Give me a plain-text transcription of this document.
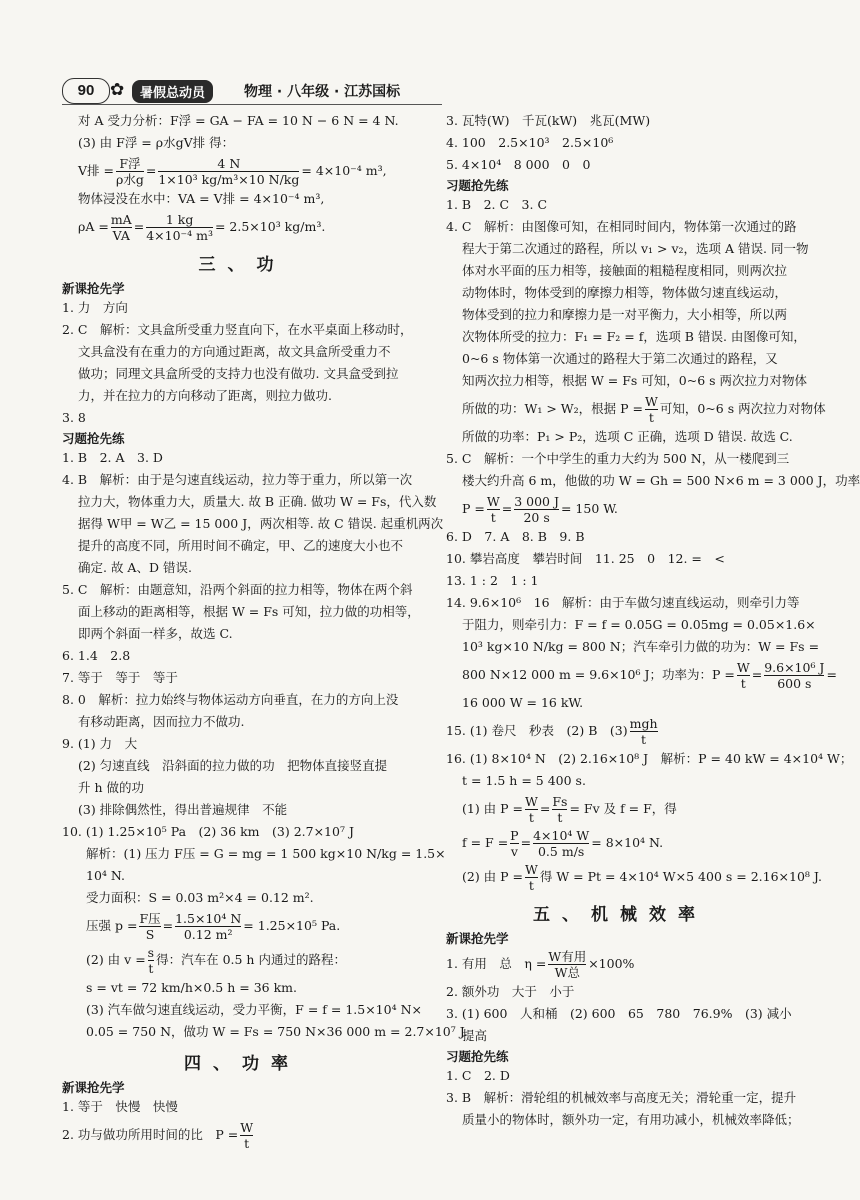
90 ✿	暑假总动员	物理 · 八年级 · 江苏国标
对 A 受力分析：F浮 = GA − FA = 10 N − 6 N = 4 N.
(3) 由 F浮 = ρ水gV排 得：
V排 = $\frac{\text{F浮}}{\text{ρ水g}} = \frac{4 N}{\text{1×10³ kg/m³×10 N/kg}} = 4\times 10^{-4}$ m³,
物体浸没在水中：VA = V排 = 4×10⁻⁴ m³,
$\rho A = \frac{mA}{VA} = \frac{1 kg}{\text{4×10⁻⁴ m³}} = 2.5\times 10^3$ kg/m³.
三、功
新课抢先学
1. 力　方向
2. C　解析：文具盒所受重力竖直向下，在水平桌面上移动时，
文具盒没有在重力的方向通过距离，故文具盒所受重力不
做功；同理文具盒所受的支持力也没有做功. 文具盒受到拉
力，并在拉力的方向移动了距离，则拉力做功.
3. 8
习题抢先练
1. B　2. A　3. D
4. B　解析：由于是匀速直线运动，拉力等于重力，所以第一次
拉力大，物体重力大，质量大. 故 B 正确. 做功 W = Fs，代入数
据得 W甲 = W乙 = 15 000 J，两次相等. 故 C 错误. 起重机两次
提升的高度不同，所用时间不确定，甲、乙的速度大小也不
确定. 故 A、D 错误.
5. C　解析：由题意知，沿两个斜面的拉力相等，物体在两个斜
面上移动的距离相等，根据 W = Fs 可知，拉力做的功相等，
即两个斜面一样多，故选 C.
6. 1.4　2.8
7. 等于　等于　等于
8. 0　解析：拉力始终与物体运动方向垂直，在力的方向上没
有移动距离，因而拉力不做功.
9. (1) 力　大
(2) 匀速直线　沿斜面的拉力做的功　把物体直接竖直提
升 h 做的功
(3) 排除偶然性，得出普遍规律　不能
10. (1) 1.25×10⁵ Pa　(2) 36 km　(3) 2.7×10⁷ J
解析：(1) 压力 F压 = G = mg = 1 500 kg×10 N/kg = 1.5×
10⁴ N.
受力面积：S = 0.03 m²×4 = 0.12 m².
压强 $p = \frac{\text{F压}}{S} = \frac{\text{1.5×10⁴ N}}{\text{0.12 m²}} = 1.25\times 10^5$ Pa.
(2) 由 $v = \frac{s}{t}$ 得：汽车在 0.5 h 内通过的路程：
s = vt = 72 km/h×0.5 h = 36 km.
(3) 汽车做匀速直线运动，受力平衡，F = f = 1.5×10⁴ N×
0.05 = 750 N，做功 W = Fs = 750 N×36 000 m = 2.7×10⁷ J.
四、功率
新课抢先学
1. 等于　快慢　快慢
2. 功与做功所用时间的比　$P = \frac{W}{t}$
3. 瓦特(W)　千瓦(kW)　兆瓦(MW)
4. 100　2.5×10³　2.5×10⁶
5. 4×10⁴　8 000　0　0
习题抢先练
1. B　2. C　3. C
4. C　解析：由图像可知，在相同时间内，物体第一次通过的路
程大于第二次通过的路程，所以 v₁ > v₂，选项 A 错误. 同一物
体对水平面的压力相等，接触面的粗糙程度相同，则两次拉
动物体时，物体受到的摩擦力相等，物体做匀速直线运动，
物体受到的拉力和摩擦力是一对平衡力，大小相等，所以两
次物体所受的拉力：F₁ = F₂ = f，选项 B 错误. 由图像可知，
0~6 s 物体第一次通过的路程大于第二次通过的路程，又
知两次拉力相等，根据 W = Fs 可知，0~6 s 两次拉力对物体
所做的功：W₁ > W₂，根据 $P = \frac{W}{t}$ 可知，0~6 s 两次拉力对物体
所做的功率：P₁ > P₂，选项 C 正确，选项 D 错误. 故选 C.
5. C　解析：一个中学生的重力大约为 500 N，从一楼爬到三
楼大约升高 6 m，他做的功 W = Gh = 500 N×6 m = 3 000 J，功率
$P = \frac{W}{t} = \frac{3 000 J}{20 s} = 150$ W.
6. D　7. A　8. B　9. B
10. 攀岩高度　攀岩时间　11. 25　0　12. =　<
13. 1 : 2　1 : 1
14. 9.6×10⁶　16　解析：由于车做匀速直线运动，则牵引力等
于阻力，则牵引力：F = f = 0.05G = 0.05mg = 0.05×1.6×
10³ kg×10 N/kg = 800 N；汽车牵引力做的功为：W = Fs =
800 N×12 000 m = 9.6×10⁶ J；功率为：$P = \frac{W}{t} = \frac{\text{9.6×10⁶ J}}{600 s}$ =
16 000 W = 16 kW.
15. (1) 卷尺　秒表　(2) B　$(3) \frac{\text{mgh}}{t}$
16. (1) 8×10⁴ N　(2) 2.16×10⁸ J　解析：P = 40 kW = 4×10⁴ W；
t = 1.5 h = 5 400 s.
(1) 由 $P = \frac{W}{t} = \frac{Fs}{t} = Fv$ 及 f = F，得
$f = F = \frac{P}{v} = \frac{\text{4×10⁴ W}}{0.5 m/s} = 8\times 10^4$ N.
(2) 由 $P = \frac{W}{t}$ 得 W = Pt = 4×10⁴ W×5 400 s = 2.16×10⁸ J.
五、机械效率
新课抢先学
1. 有用　总　$\eta = \frac{\text{W有用}}{\text{W总}} \times 100\%$
2. 额外功　大于　小于
3. (1) 600　人和桶　(2) 600　65　780　76.9%　(3) 减小
提高
习题抢先练
1. C　2. D
3. B　解析：滑轮组的机械效率与高度无关；滑轮重一定，提升
质量小的物体时，额外功一定，有用功减小，机械效率降低；
